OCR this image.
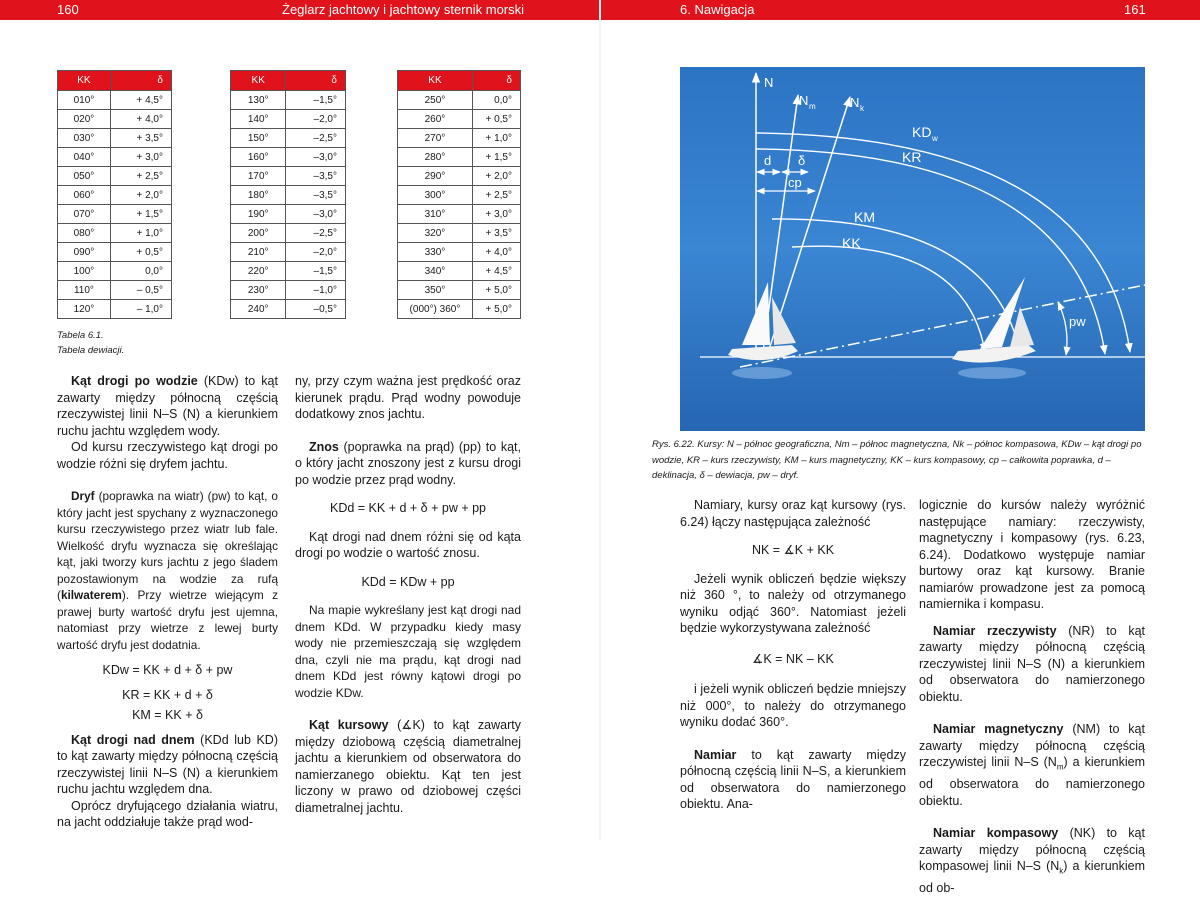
160	Żeglarz jachtowy i jachtowy sternik morski	6. Nawigacja	161
KK	δ
010°	+ 4,5°
020°	+ 4,0°
030°	+ 3,5°
040°	+ 3,0°
050°	+ 2,5°
060°	+ 2,0°
070°	+ 1,5°
080°	+ 1,0°
090°	+ 0,5°
100°	0,0°
110°	– 0,5°
120°	– 1,0°
KK	δ
130°	–1,5°
140°	–2,0°
150°	–2,5°
160°	–3,0°
170°	–3,5°
180°	–3,5°
190°	–3,0°
200°	–2,5°
210°	–2,0°
220°	–1,5°
230°	–1,0°
240°	–0,5°
KK	δ
250°	0,0°
260°	+ 0,5°
270°	+ 1,0°
280°	+ 1,5°
290°	+ 2,0°
300°	+ 2,5°
310°	+ 3,0°
320°	+ 3,5°
330°	+ 4,0°
340°	+ 4,5°
350°	+ 5,0°
(000°) 360°	+ 5,0°
Tabela 6.1.
Tabela dewiacji.

Kąt drogi po wodzie (KDw) to kąt zawarty między północną częścią rzeczywistej linii N–S (N) a kierunkiem ruchu jachtu względem wody.

Od kursu rzeczywistego kąt drogi po wodzie różni się dryfem jachtu.

Dryf (poprawka na wiatr) (pw) to kąt, o który jacht jest spychany z wyznaczonego kursu rzeczywistego przez wiatr lub fale. Wielkość dryfu wyznacza się określając kąt, jaki tworzy kurs jachtu z jego śladem pozostawionym na wodzie za rufą (kilwaterem). Przy wietrze wiejącym z prawej burty wartość dryfu jest ujemna, natomiast przy wietrze z lewej burty wartość dryfu jest dodatnia.

KDw = KK + d + δ + pw

KR = KK + d + δ

KM = KK + δ

Kąt drogi nad dnem (KDd lub KD) to kąt zawarty między północną częścią rzeczywistej linii N–S (N) a kierunkiem ruchu jachtu względem dna.

Oprócz dryfującego działania wiatru, na jacht oddziałuje także prąd wod-

ny, przy czym ważna jest prędkość oraz kierunek prądu. Prąd wodny powoduje dodatkowy znos jachtu.

Znos (poprawka na prąd) (pp) to kąt, o który jacht znoszony jest z kursu drogi po wodzie przez prąd wodny.

KDd = KK + d + δ + pw + pp

Kąt drogi nad dnem różni się od kąta drogi po wodzie o wartość znosu.

KDd = KDw + pp

Na mapie wykreślany jest kąt drogi nad dnem KDd. W przypadku kiedy masy wody nie przemieszczają się względem dna, czyli nie ma prądu, kąt drogi nad dnem KDd jest równy kątowi drogi po wodzie KDw.

Kąt kursowy (∡K) to kąt zawarty między dziobową częścią diametralnej jachtu a kierunkiem od obserwatora do namierzanego obiektu. Kąt ten jest liczony w prawo od dziobowej części diametralnej jachtu.

N
N m	N k
KD w
KR
d δ
cp
KM
KK
pw
Rys. 6.22. Kursy: N – północ geograficzna, Nm – północ magnetyczna, Nk – północ kompasowa, KDw – kąt drogi po wodzie, KR – kurs rzeczywisty, KM – kurs magnetyczny, KK – kurs kompasowy, cp – całkowita poprawka, d – deklinacja, δ – dewiacja, pw – dryf.

Namiary, kursy oraz kąt kursowy (rys. 6.24) łączy następująca zależność

NK = ∡K + KK

Jeżeli wynik obliczeń będzie większy niż 360 °, to należy od otrzymanego wyniku odjąć 360°. Natomiast jeżeli będzie wykorzystywana zależność

∡K = NK – KK

i jeżeli wynik obliczeń będzie mniejszy niż 000°, to należy do otrzymanego wyniku dodać 360°.

Namiar to kąt zawarty między północną częścią linii N–S, a kierunkiem od obserwatora do namierzonego obiektu. Ana-

logicznie do kursów należy wyróżnić następujące namiary: rzeczywisty, magnetyczny i kompasowy (rys. 6.23, 6.24). Dodatkowo występuje namiar burtowy oraz kąt kursowy. Branie namiarów prowadzone jest za pomocą namiernika i kompasu.

Namiar rzeczywisty (NR) to kąt zawarty między północną częścią rzeczywistej linii N–S (N) a kierunkiem od obserwatora do namierzonego obiektu.

Namiar magnetyczny (NM) to kąt zawarty między północną częścią rzeczywistej linii N–S $(N_m)$ a kierunkiem od obserwatora do namierzonego obiektu.

Namiar kompasowy (NK) to kąt zawarty między północną częścią kompasowej linii N–S $(N_k)$ a kierunkiem od ob-
